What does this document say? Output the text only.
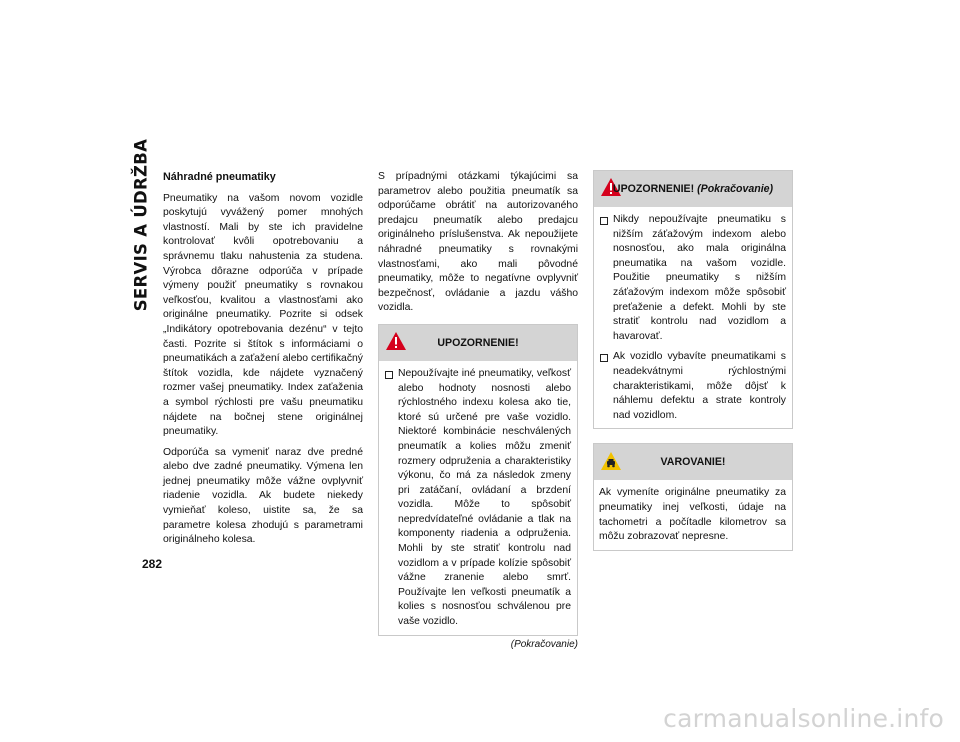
SERVIS A ÚDRŽBA
282
Náhradné pneumatiky

Pneumatiky na vašom novom vozidle poskytujú vyvážený pomer mnohých vlastností. Mali by ste ich pravidelne kontrolovať kvôli opotrebovaniu a správnemu tlaku nahustenia za studena. Výrobca dôrazne odporúča v prípade výmeny použiť pneumatiky s rovnakou veľkosťou, kvalitou a vlastnosťami ako originálne pneumatiky. Pozrite si odsek „Indikátory opotrebovania dezénu“ v tejto časti. Pozrite si štítok s informáciami o pneumatikách a zaťažení alebo certifikačný štítok vozidla, kde nájdete vyznačený rozmer vašej pneumatiky. Index zaťaženia a symbol rýchlosti pre vašu pneumatiku nájdete na bočnej stene originálnej pneumatiky.

Odporúča sa vymeniť naraz dve predné alebo dve zadné pneumatiky. Výmena len jednej pneumatiky môže vážne ovplyvniť riadenie vozidla. Ak budete niekedy vymieňať koleso, uistite sa, že sa parametre kolesa zhodujú s parametrami originálneho kolesa.

S prípadnými otázkami týkajúcimi sa parametrov alebo použitia pneumatík sa odporúčame obrátiť na autorizovaného predajcu pneumatík alebo predajcu originálneho príslušenstva. Ak nepoužijete náhradné pneumatiky s rovnakými vlastnosťami, ako mali pôvodné pneumatiky, môže to negatívne ovplyvniť bezpečnosť, ovládanie a jazdu vášho vozidla.

UPOZORNENIE!
Nepoužívajte iné pneumatiky, veľkosť alebo hodnoty nosnosti alebo rýchlostného indexu kolesa ako tie, ktoré sú určené pre vaše vozidlo. Niektoré kombinácie neschválených pneumatík a kolies môžu zmeniť rozmery odpruženia a charakteristiky výkonu, čo má za následok zmeny pri zatáčaní, ovládaní a brzdení vozidla. Môže to spôsobiť nepredvídateľné ovládanie a tlak na komponenty riadenia a odpruženia. Mohli by ste stratiť kontrolu nad vozidlom a v prípade kolízie spôsobiť vážne zranenie alebo smrť. Používajte len veľkosti pneumatík a kolies s nosnosťou schválenou pre vaše vozidlo.
(Pokračovanie)
UPOZORNENIE! (Pokračovanie)
Nikdy nepoužívajte pneumatiku s nižším záťažovým indexom alebo nosnosťou, ako mala originálna pneumatika na vašom vozidle. Použitie pneumatiky s nižším záťažovým indexom môže spôsobiť preťaženie a defekt. Mohli by ste stratiť kontrolu nad vozidlom a havarovať.
Ak vozidlo vybavíte pneumatikami s neadekvátnymi rýchlostnými charakteristikami, môže dôjsť k náhlemu defektu a strate kontroly nad vozidlom.
VAROVANIE!

Ak vymeníte originálne pneumatiky za pneumatiky inej veľkosti, údaje na tachometri a počítadle kilometrov sa môžu zobrazovať nepresne.

carmanualsonline.info
